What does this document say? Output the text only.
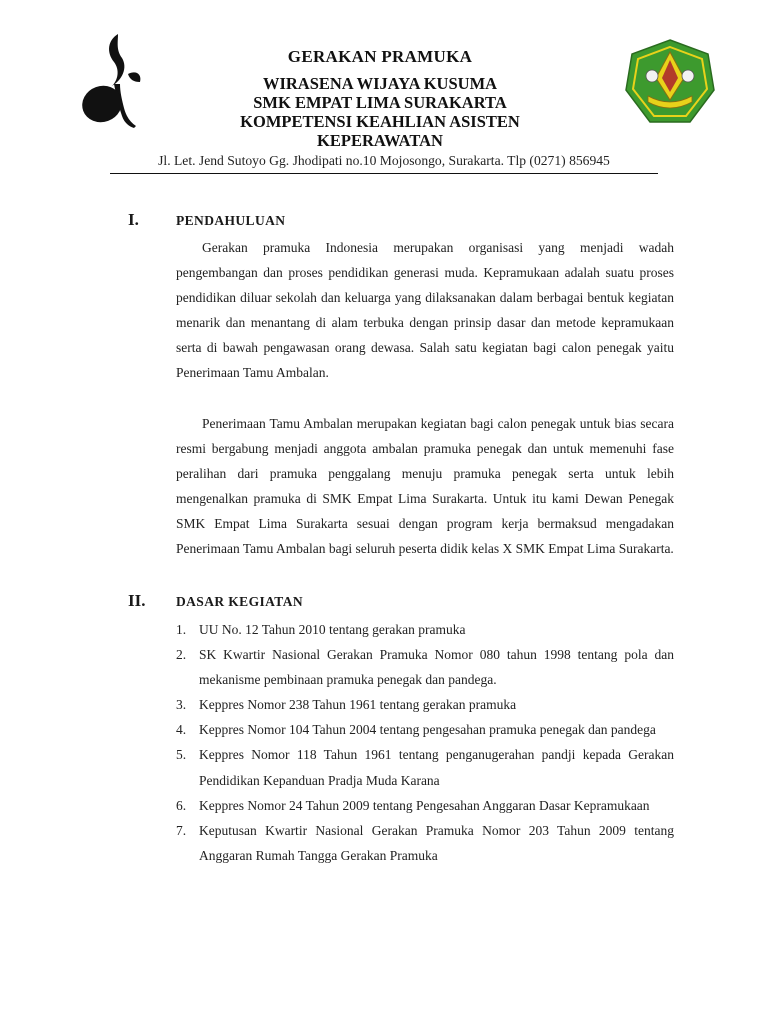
GERAKAN PRAMUKA
WIRASENA WIJAYA KUSUMA
SMK EMPAT LIMA SURAKARTA
KOMPETENSI KEAHLIAN ASISTEN
KEPERAWATAN
Jl. Let. Jend Sutoyo Gg. Jhodipati no.10 Mojosongo, Surakarta. Tlp (0271) 856945
I.	PENDAHULUAN

Gerakan pramuka Indonesia merupakan organisasi yang menjadi wadah pengembangan dan proses pendidikan generasi muda. Kepramukaan adalah suatu proses pendidikan diluar sekolah dan keluarga yang dilaksanakan dalam berbagai bentuk kegiatan menarik dan menantang di alam terbuka dengan prinsip dasar dan metode kepramukaan serta di bawah pengawasan orang dewasa. Salah satu kegiatan bagi calon penegak yaitu Penerimaan Tamu Ambalan.

Penerimaan Tamu Ambalan merupakan kegiatan bagi calon penegak untuk bias secara resmi bergabung menjadi anggota ambalan pramuka penegak dan untuk memenuhi fase peralihan dari pramuka penggalang menuju pramuka penegak serta untuk lebih mengenalkan pramuka di SMK Empat Lima Surakarta. Untuk itu kami Dewan Penegak SMK Empat Lima Surakarta sesuai dengan program kerja bermaksud mengadakan Penerimaan Tamu Ambalan bagi seluruh peserta didik kelas X SMK Empat Lima Surakarta.

II. DASAR KEGIATAN
1. UU No. 12 Tahun 2010 tentang gerakan pramuka
2. SK Kwartir Nasional Gerakan Pramuka Nomor 080 tahun 1998 tentang pola dan mekanisme pembinaan pramuka penegak dan pandega.
3. Keppres Nomor 238 Tahun 1961 tentang gerakan pramuka
4. Keppres Nomor 104 Tahun 2004 tentang pengesahan pramuka penegak dan pandega
5. Keppres Nomor 118 Tahun 1961 tentang penganugerahan pandji kepada Gerakan Pendidikan Kepanduan Pradja Muda Karana
6. Keppres Nomor 24 Tahun 2009 tentang Pengesahan Anggaran Dasar Kepramukaan
7. Keputusan Kwartir Nasional Gerakan Pramuka Nomor 203 Tahun 2009 tentang Anggaran Rumah Tangga Gerakan Pramuka
